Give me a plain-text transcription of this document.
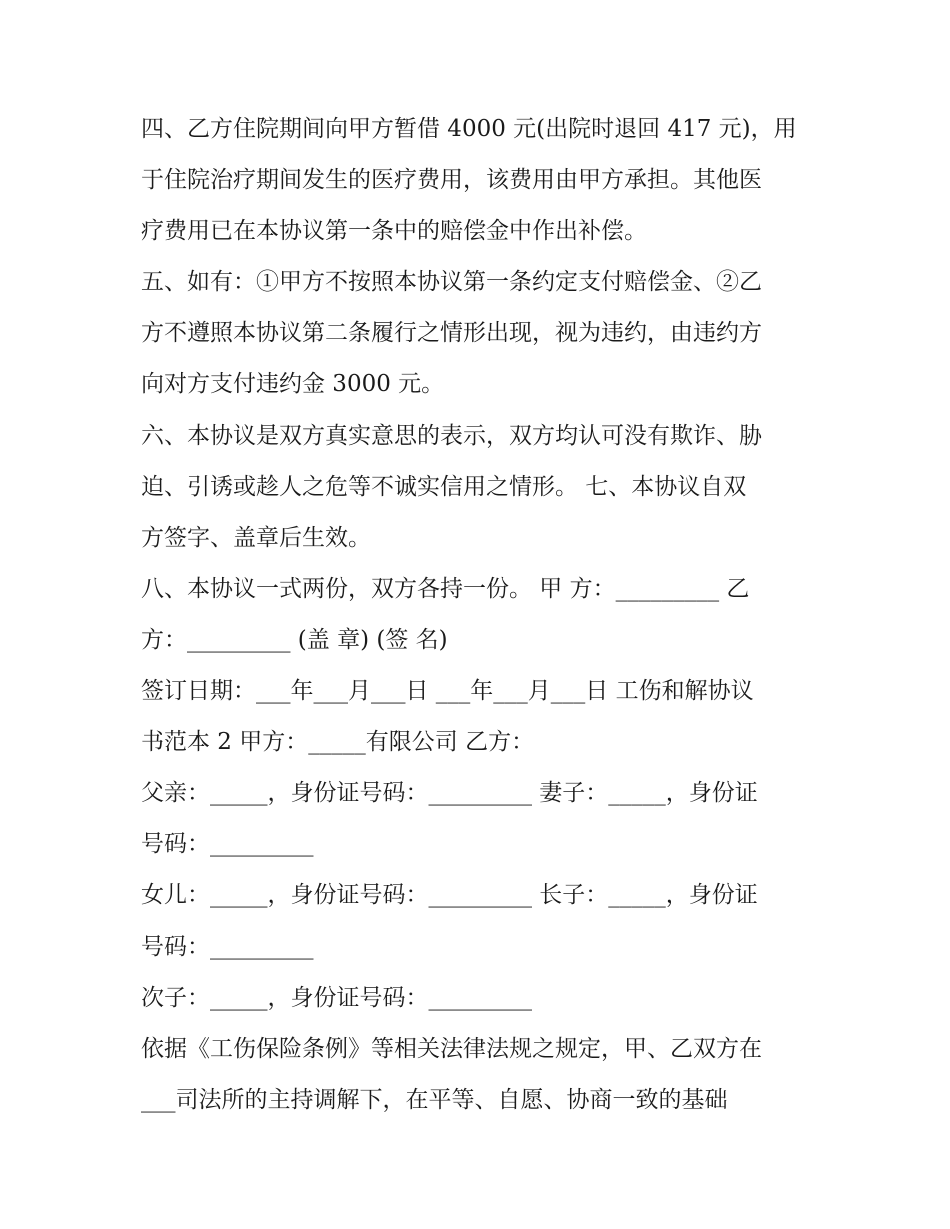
四、乙方住院期间向甲方暂借 4000 元(出院时退回 417 元)，用
于住院治疗期间发生的医疗费用，该费用由甲方承担。其他医
疗费用已在本协议第一条中的赔偿金中作出补偿。
五、如有：①甲方不按照本协议第一条约定支付赔偿金、②乙
方不遵照本协议第二条履行之情形出现，视为违约，由违约方
向对方支付违约金 3000 元。
六、本协议是双方真实意思的表示，双方均认可没有欺诈、胁
迫、引诱或趁人之危等不诚实信用之情形。 七、本协议自双
方签字、盖章后生效。
八、本协议一式两份，双方各持一份。 甲 方：_________ 乙
方：_________ (盖 章) (签 名)
签订日期：___年___月___日 ___年___月___日 工伤和解协议
书范本 2 甲方：_____有限公司 乙方：
父亲：_____，身份证号码：_________ 妻子：_____，身份证
号码：_________
女儿：_____，身份证号码：_________ 长子：_____，身份证
号码：_________
次子：_____，身份证号码：_________
依据《工伤保险条例》等相关法律法规之规定，甲、乙双方在
___司法所的主持调解下，在平等、自愿、协商一致的基础
